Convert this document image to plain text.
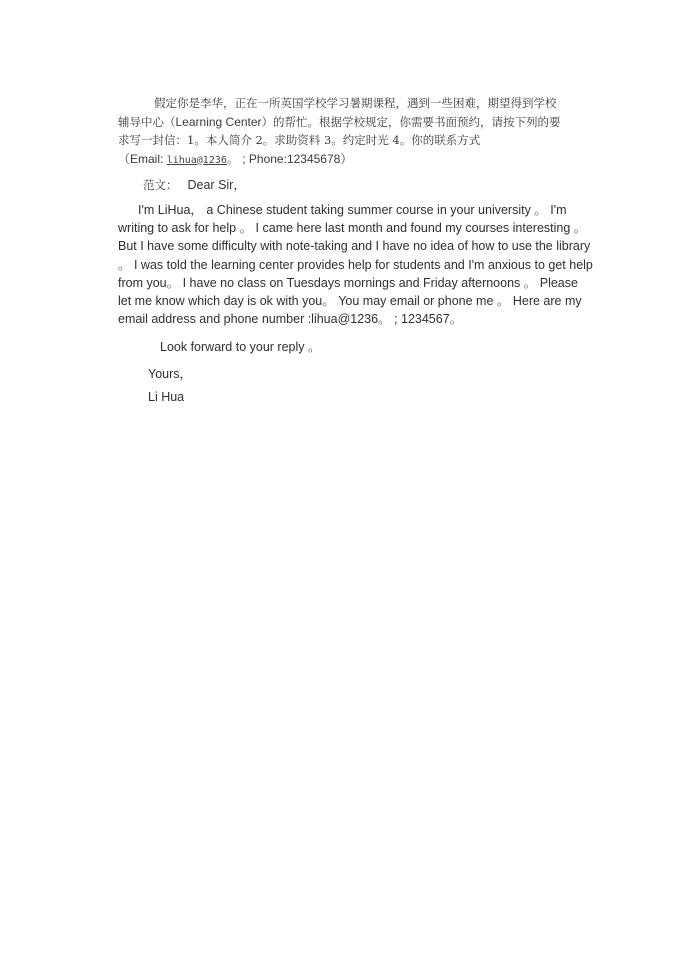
假定你是李华，正在一所英国学校学习暑期课程，遇到一些困难，期望得到学校
辅导中心（Learning Center）的帮忙。根据学校规定，你需要书面预约，请按下列的要
求写一封信：1。本人简介 2。求助资料 3。约定时光 4。你的联系方式
（Email: lihua@1236。 ; Phone:12345678）
范文： Dear Sir，
I'm LiHua， a Chinese student taking summer course in your university 。 I'm
writing to ask for help 。 I came here last month and found my courses interesting 。
But I have some difficulty with note-taking and I have no idea of how to use the library
。 I was told the learning center provides help for students and I'm anxious to get help
from you。 I have no class on Tuesdays mornings and Friday afternoons 。 Please
let me know which day is ok with you。 You may email or phone me 。 Here are my
email address and phone number :lihua@1236。 ; 1234567。
Look forward to your reply 。
Yours，
Li Hua
